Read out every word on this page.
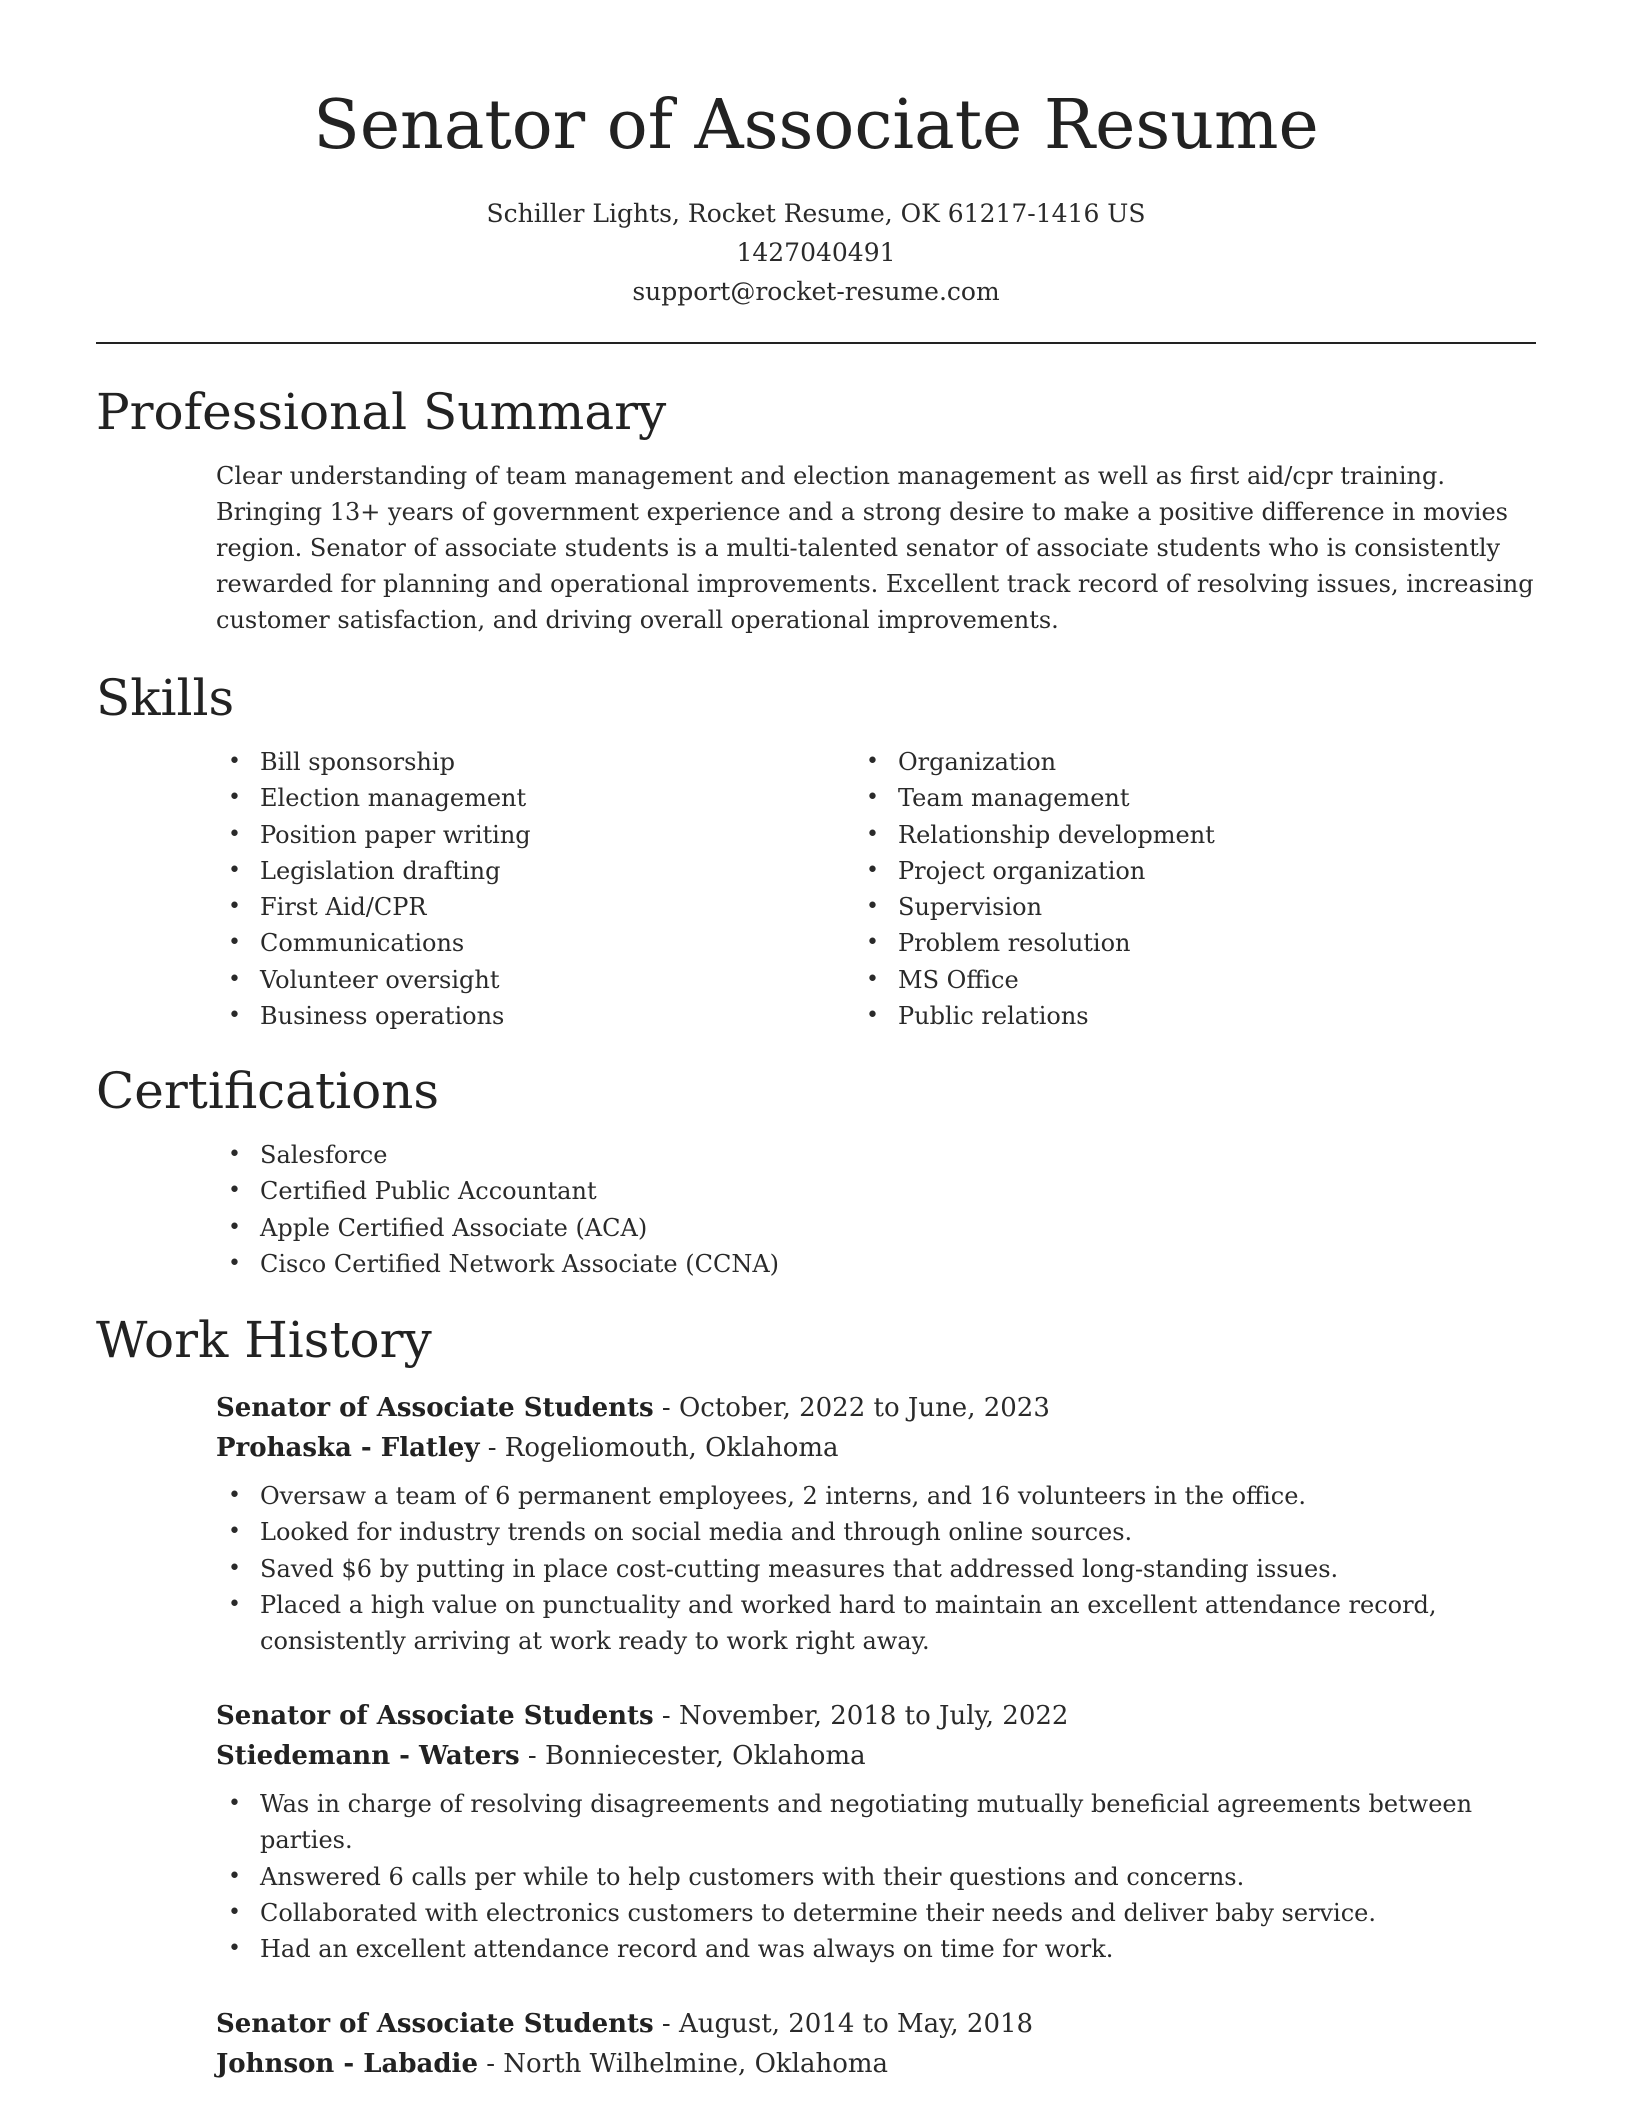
Senator of Associate Resume
Schiller Lights, Rocket Resume, OK 61217-1416 US
1427040491
support@rocket-resume.com
Professional Summary

Clear understanding of team management and election management as well as first aid/cpr training. Bringing 13+ years of government experience and a strong desire to make a positive difference in movies region. Senator of associate students is a multi-talented senator of associate students who is consistently rewarded for planning and operational improvements. Excellent track record of resolving issues, increasing customer satisfaction, and driving overall operational improvements.

Skills
• Bill sponsorship
• Election management
• Position paper writing
• Legislation drafting
• First Aid/CPR
• Communications
• Volunteer oversight
• Business operations
• Organization
• Team management
• Relationship development
• Project organization
• Supervision
• Problem resolution
• MS Office
• Public relations
Certifications
• Salesforce
• Certified Public Accountant
• Apple Certified Associate (ACA)
• Cisco Certified Network Associate (CCNA)
Work History
Senator of Associate Students - October, 2022 to June, 2023
Prohaska - Flatley - Rogeliomouth, Oklahoma
• Oversaw a team of 6 permanent employees, 2 interns, and 16 volunteers in the office.
• Looked for industry trends on social media and through online sources.
• Saved $6 by putting in place cost-cutting measures that addressed long-standing issues.
• Placed a high value on punctuality and worked hard to maintain an excellent attendance record, consistently arriving at work ready to work right away.
Senator of Associate Students - November, 2018 to July, 2022
Stiedemann - Waters - Bonniecester, Oklahoma
• Was in charge of resolving disagreements and negotiating mutually beneficial agreements between parties.
• Answered 6 calls per while to help customers with their questions and concerns.
• Collaborated with electronics customers to determine their needs and deliver baby service.
• Had an excellent attendance record and was always on time for work.
Senator of Associate Students - August, 2014 to May, 2018
Johnson - Labadie - North Wilhelmine, Oklahoma
